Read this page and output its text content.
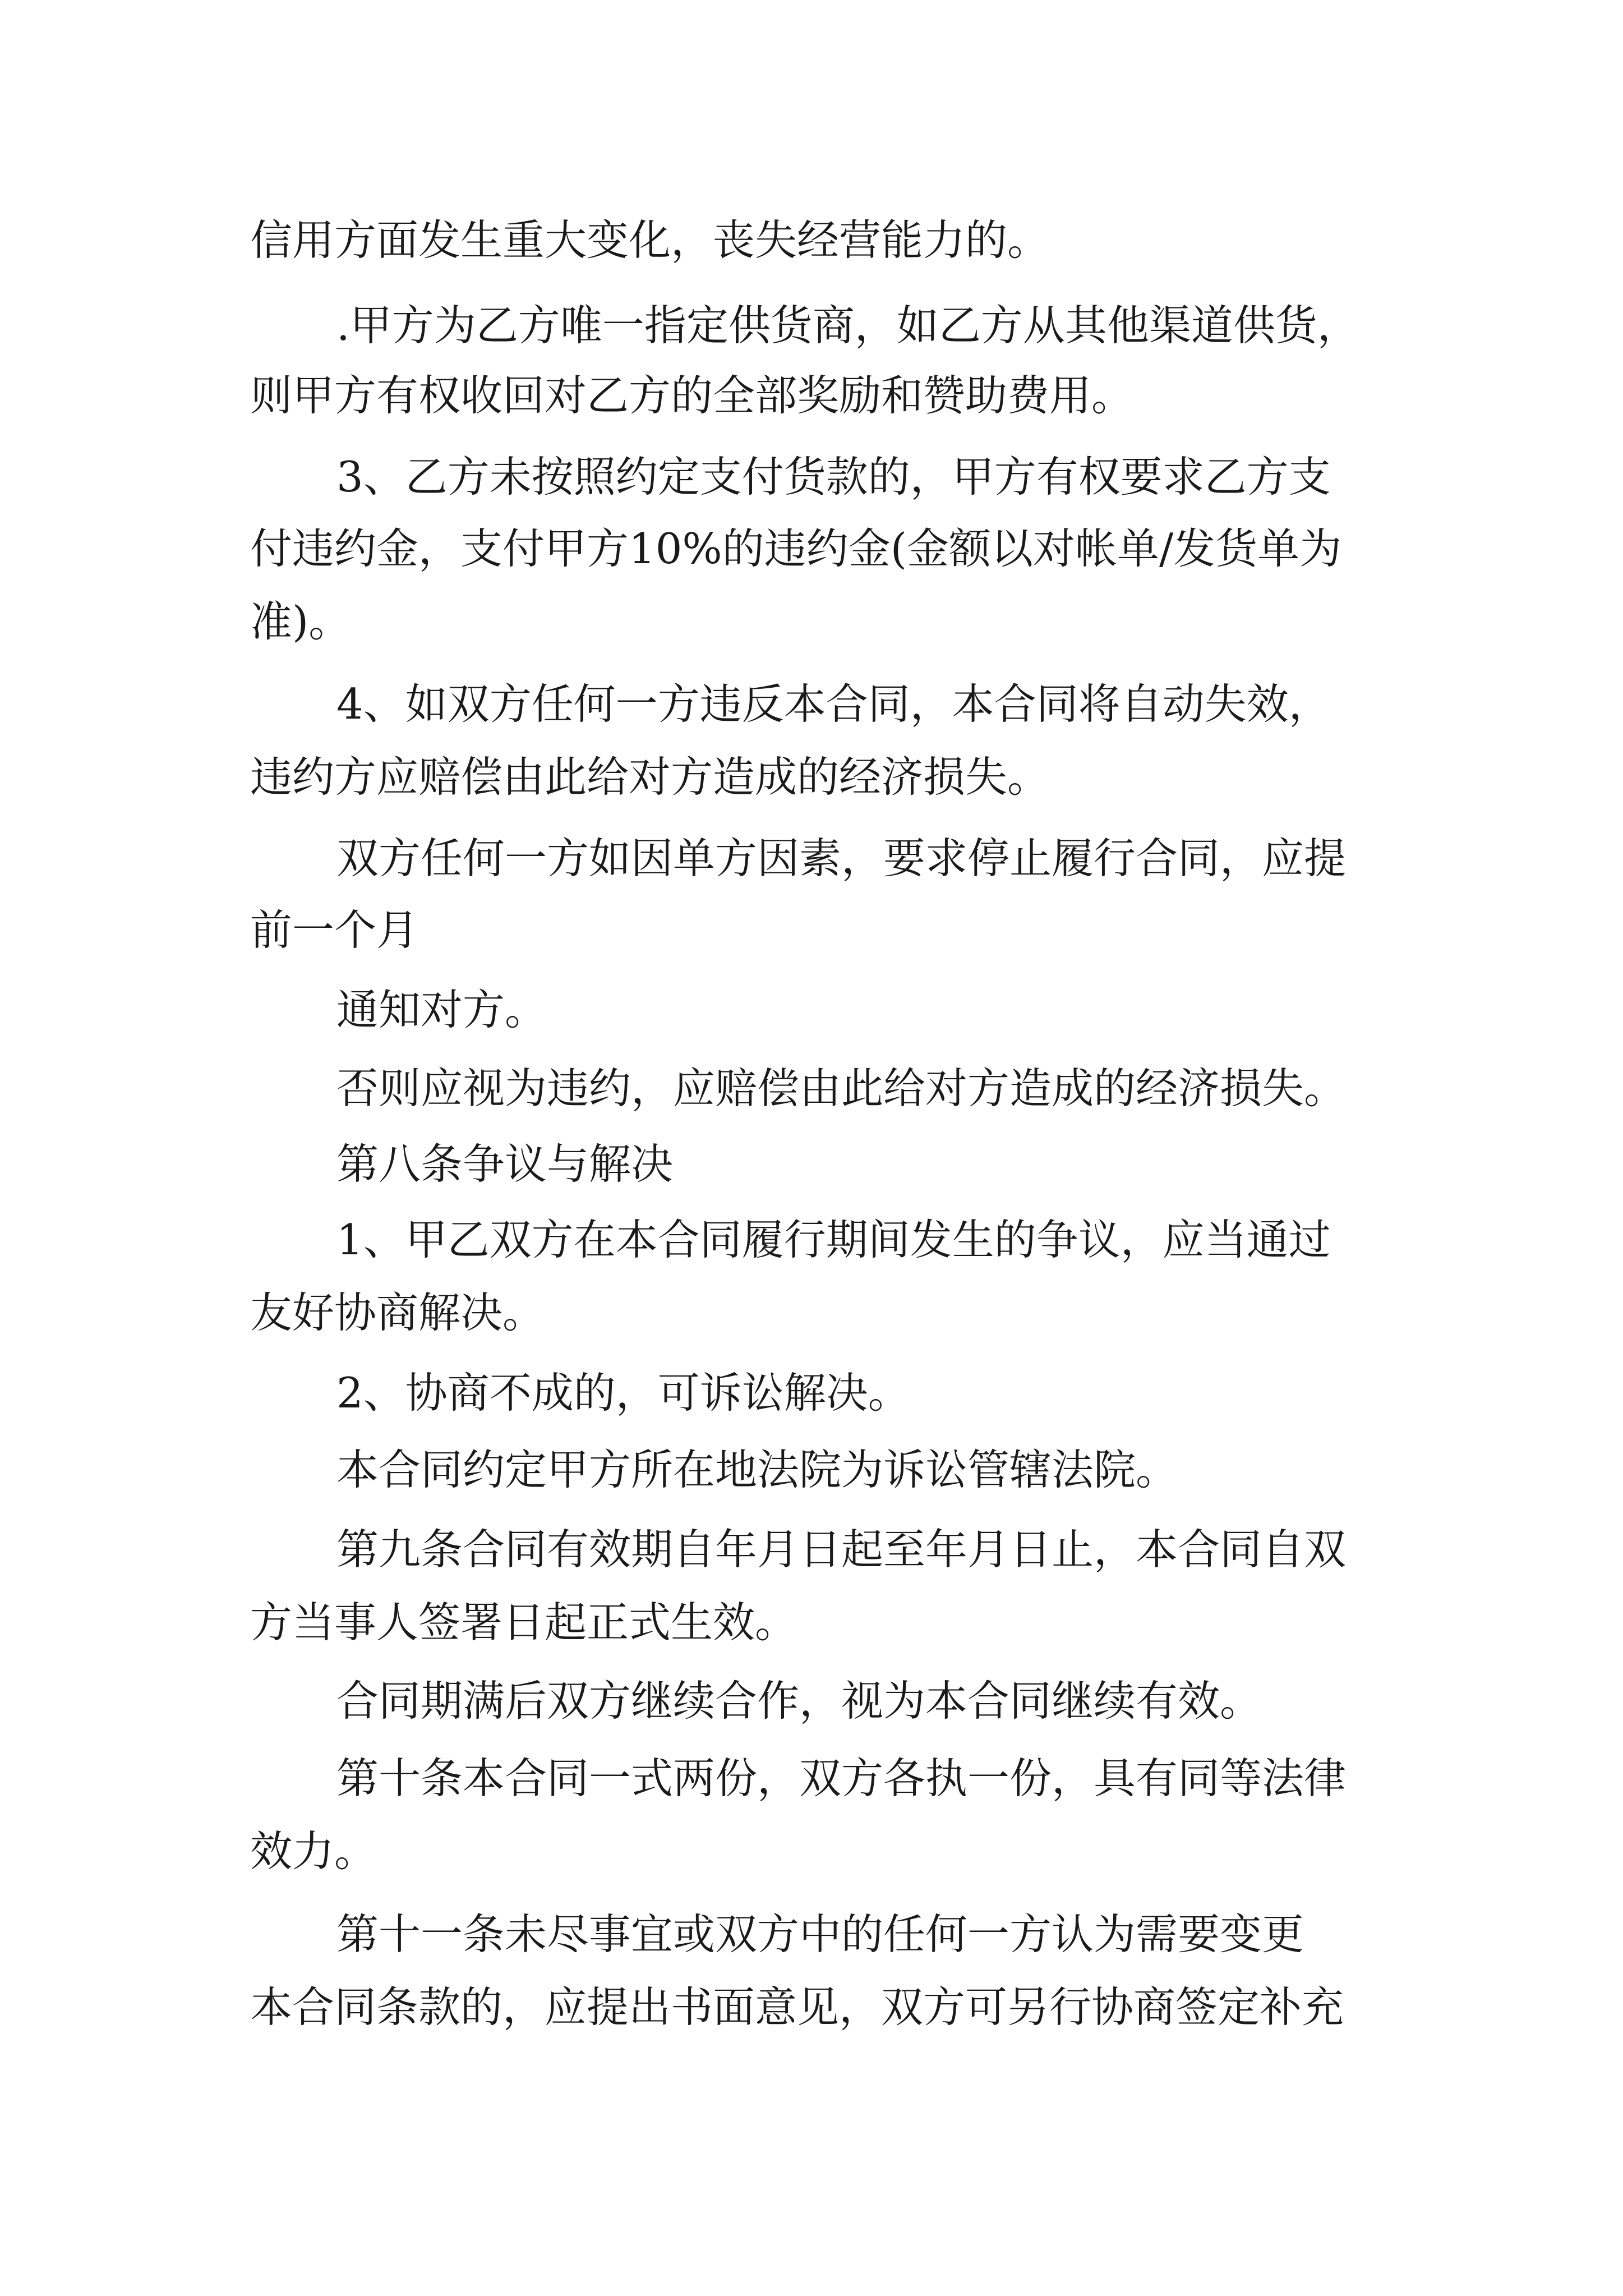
信用方面发生重大变化，丧失经营能力的。
.甲方为乙方唯一指定供货商，如乙方从其他渠道供货，
则甲方有权收回对乙方的全部奖励和赞助费用。
3、乙方未按照约定支付货款的，甲方有权要求乙方支
付违约金，支付甲方10%的违约金(金额以对帐单/发货单为
准)。
4、如双方任何一方违反本合同，本合同将自动失效，
违约方应赔偿由此给对方造成的经济损失。
双方任何一方如因单方因素，要求停止履行合同，应提
前一个月
通知对方。
否则应视为违约，应赔偿由此给对方造成的经济损失。
第八条争议与解决
1、甲乙双方在本合同履行期间发生的争议，应当通过
友好协商解决。
2、协商不成的，可诉讼解决。
本合同约定甲方所在地法院为诉讼管辖法院。
第九条合同有效期自年月日起至年月日止，本合同自双
方当事人签署日起正式生效。
合同期满后双方继续合作，视为本合同继续有效。
第十条本合同一式两份，双方各执一份，具有同等法律
效力。
第十一条未尽事宜或双方中的任何一方认为需要变更
本合同条款的，应提出书面意见，双方可另行协商签定补充
